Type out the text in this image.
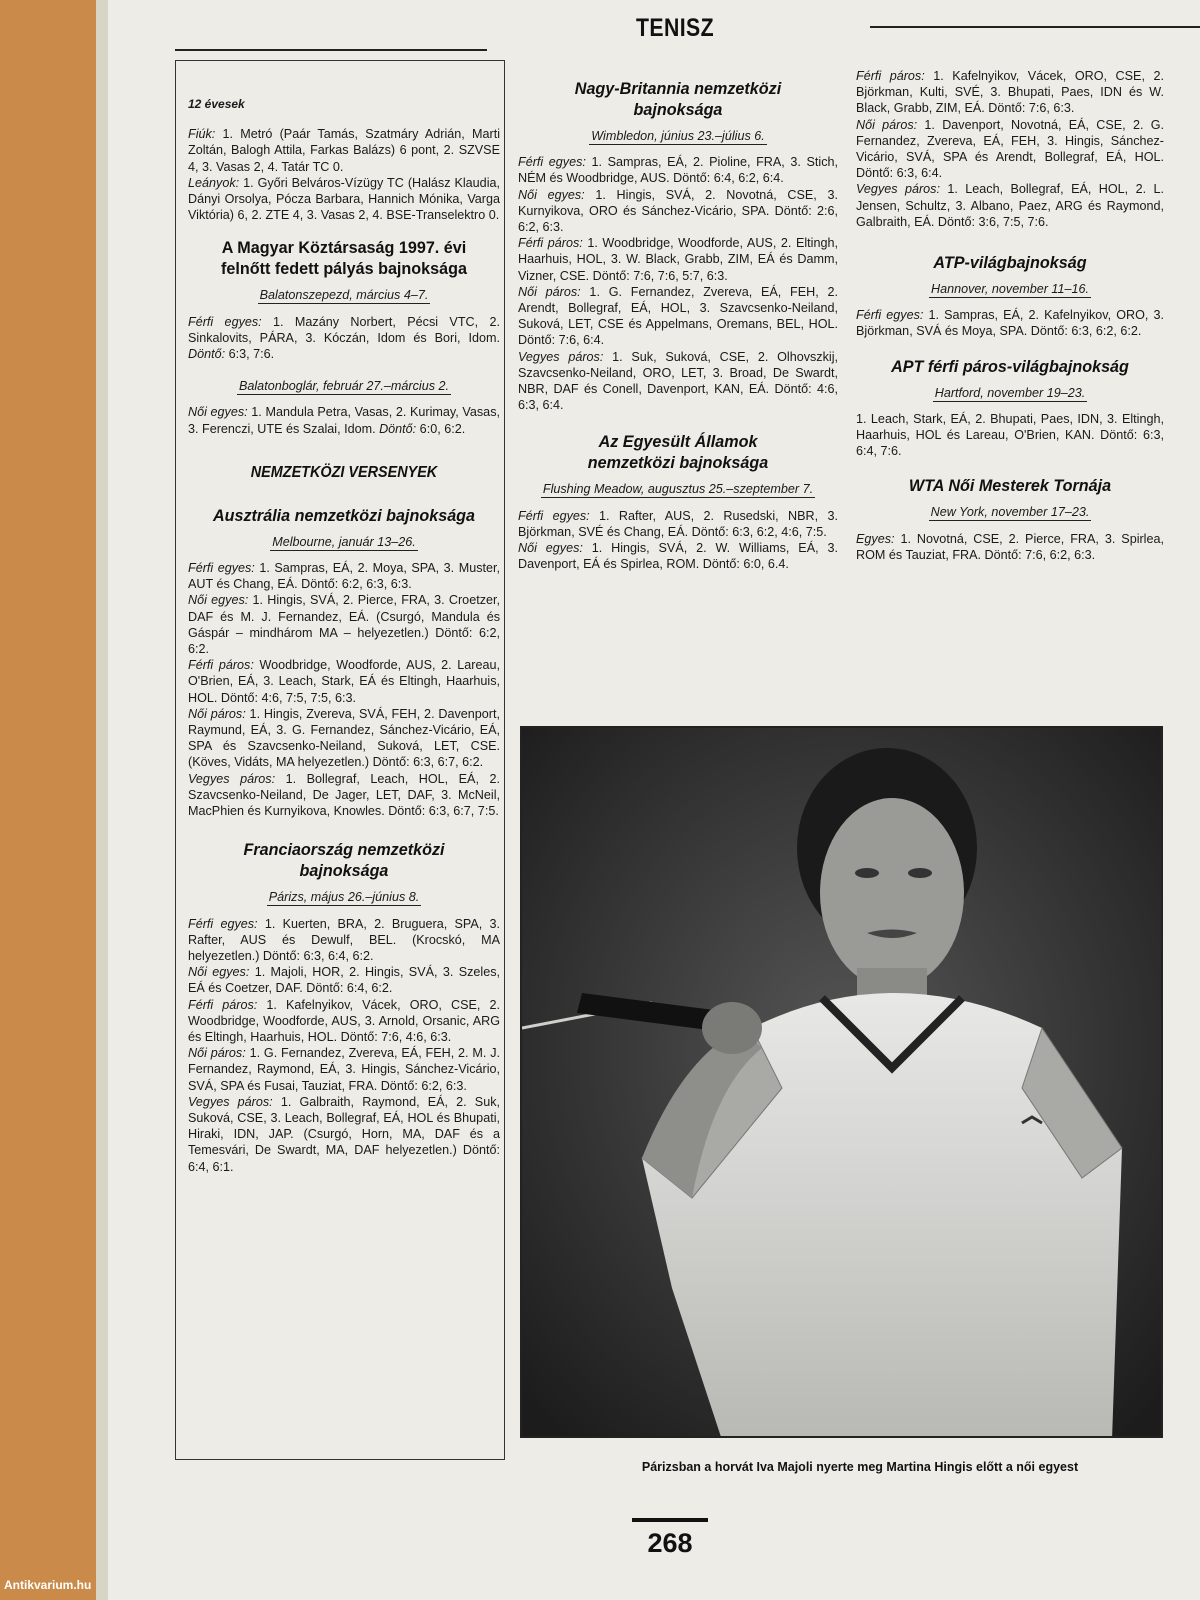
TENISZ
12 évesek

Fiúk: 1. Metró (Paár Tamás, Szatmáry Adrián, Marti Zoltán, Balogh Attila, Farkas Balázs) 6 pont, 2. SZVSE 4, 3. Vasas 2, 4. Tatár TC 0.

Leányok: 1. Győri Belváros-Vízügy TC (Halász Klaudia, Dányi Orsolya, Pócza Barbara, Hannich Mónika, Varga Viktória) 6, 2. ZTE 4, 3. Vasas 2, 4. BSE-Transelektro 0.

A Magyar Köztársaság 1997. évi felnőtt fedett pályás bajnoksága
Balatonszepezd, március 4–7.

Férfi egyes: 1. Mazány Norbert, Pécsi VTC, 2. Sinkalovits, PÁRA, 3. Kóczán, Idom és Bori, Idom. Döntő: 6:3, 7:6.

Balatonboglár, február 27.–március 2.

Női egyes: 1. Mandula Petra, Vasas, 2. Kurimay, Vasas, 3. Ferenczi, UTE és Szalai, Idom. Döntő: 6:0, 6:2.

NEMZETKÖZI VERSENYEK
Ausztrália nemzetközi bajnoksága
Melbourne, január 13–26.

Férfi egyes: 1. Sampras, EÁ, 2. Moya, SPA, 3. Muster, AUT és Chang, EÁ. Döntő: 6:2, 6:3, 6:3.

Női egyes: 1. Hingis, SVÁ, 2. Pierce, FRA, 3. Croetzer, DAF és M. J. Fernandez, EÁ. (Csurgó, Mandula és Gáspár – mindhárom MA – helyezetlen.) Döntő: 6:2, 6:2.

Férfi páros: Woodbridge, Woodforde, AUS, 2. Lareau, O'Brien, EÁ, 3. Leach, Stark, EÁ és Eltingh, Haarhuis, HOL. Döntő: 4:6, 7:5, 7:5, 6:3.

Női páros: 1. Hingis, Zvereva, SVÁ, FEH, 2. Davenport, Raymund, EÁ, 3. G. Fernandez, Sánchez-Vicário, EÁ, SPA és Szavcsenko-Neiland, Suková, LET, CSE. (Köves, Vidáts, MA helyezetlen.) Döntő: 6:3, 6:7, 6:2.

Vegyes páros: 1. Bollegraf, Leach, HOL, EÁ, 2. Szavcsenko-Neiland, De Jager, LET, DAF, 3. McNeil, MacPhien és Kurnyikova, Knowles. Döntő: 6:3, 6:7, 7:5.

Franciaország nemzetközi bajnoksága
Párizs, május 26.–június 8.

Férfi egyes: 1. Kuerten, BRA, 2. Bruguera, SPA, 3. Rafter, AUS és Dewulf, BEL. (Krocskó, MA helyezetlen.) Döntő: 6:3, 6:4, 6:2.

Női egyes: 1. Majoli, HOR, 2. Hingis, SVÁ, 3. Szeles, EÁ és Coetzer, DAF. Döntő: 6:4, 6:2.

Férfi páros: 1. Kafelnyikov, Vácek, ORO, CSE, 2. Woodbridge, Woodforde, AUS, 3. Arnold, Orsanic, ARG és Eltingh, Haarhuis, HOL. Döntő: 7:6, 4:6, 6:3.

Női páros: 1. G. Fernandez, Zvereva, EÁ, FEH, 2. M. J. Fernandez, Raymond, EÁ, 3. Hingis, Sánchez-Vicário, SVÁ, SPA és Fusai, Tauziat, FRA. Döntő: 6:2, 6:3.

Vegyes páros: 1. Galbraith, Raymond, EÁ, 2. Suk, Suková, CSE, 3. Leach, Bollegraf, EÁ, HOL és Bhupati, Hiraki, IDN, JAP. (Csurgó, Horn, MA, DAF és a Temesvári, De Swardt, MA, DAF helyezetlen.) Döntő: 6:4, 6:1.

Nagy-Britannia nemzetközi bajnoksága
Wimbledon, június 23.–július 6.

Férfi egyes: 1. Sampras, EÁ, 2. Pioline, FRA, 3. Stich, NÉM és Woodbridge, AUS. Döntő: 6:4, 6:2, 6:4.

Női egyes: 1. Hingis, SVÁ, 2. Novotná, CSE, 3. Kurnyikova, ORO és Sánchez-Vicário, SPA. Döntő: 2:6, 6:2, 6:3.

Férfi páros: 1. Woodbridge, Woodforde, AUS, 2. Eltingh, Haarhuis, HOL, 3. W. Black, Grabb, ZIM, EÁ és Damm, Vizner, CSE. Döntő: 7:6, 7:6, 5:7, 6:3.

Női páros: 1. G. Fernandez, Zvereva, EÁ, FEH, 2. Arendt, Bollegraf, EÁ, HOL, 3. Szavcsenko-Neiland, Suková, LET, CSE és Appelmans, Oremans, BEL, HOL. Döntő: 7:6, 6:4.

Vegyes páros: 1. Suk, Suková, CSE, 2. Olhovszkij, Szavcsenko-Neiland, ORO, LET, 3. Broad, De Swardt, NBR, DAF és Conell, Davenport, KAN, EÁ. Döntő: 4:6, 6:3, 6:4.

Az Egyesült Államok nemzetközi bajnoksága
Flushing Meadow, augusztus 25.–szeptember 7.

Férfi egyes: 1. Rafter, AUS, 2. Rusedski, NBR, 3. Björkman, SVÉ és Chang, EÁ. Döntő: 6:3, 6:2, 4:6, 7:5.

Női egyes: 1. Hingis, SVÁ, 2. W. Williams, EÁ, 3. Davenport, EÁ és Spirlea, ROM. Döntő: 6:0, 6.4.

Férfi páros: 1. Kafelnyikov, Vácek, ORO, CSE, 2. Björkman, Kulti, SVÉ, 3. Bhupati, Paes, IDN és W. Black, Grabb, ZIM, EÁ. Döntő: 7:6, 6:3.

Női páros: 1. Davenport, Novotná, EÁ, CSE, 2. G. Fernandez, Zvereva, EÁ, FEH, 3. Hingis, Sánchez-Vicário, SVÁ, SPA és Arendt, Bollegraf, EÁ, HOL. Döntő: 6:3, 6:4.

Vegyes páros: 1. Leach, Bollegraf, EÁ, HOL, 2. L. Jensen, Schultz, 3. Albano, Paez, ARG és Raymond, Galbraith, EÁ. Döntő: 3:6, 7:5, 7:6.

ATP-világbajnokság
Hannover, november 11–16.

Férfi egyes: 1. Sampras, EÁ, 2. Kafelnyikov, ORO, 3. Björkman, SVÁ és Moya, SPA. Döntő: 6:3, 6:2, 6:2.

APT férfi páros-világbajnokság
Hartford, november 19–23.

1. Leach, Stark, EÁ, 2. Bhupati, Paes, IDN, 3. Eltingh, Haarhuis, HOL és Lareau, O'Brien, KAN. Döntő: 6:3, 6:4, 7:6.

WTA Női Mesterek Tornája
New York, november 17–23.

Egyes: 1. Novotná, CSE, 2. Pierce, FRA, 3. Spirlea, ROM és Tauziat, FRA. Döntő: 7:6, 6:2, 6:3.

Párizsban a horvát Iva Majoli nyerte meg Martina Hingis előtt a női egyest
268
Antikvarium.hu
